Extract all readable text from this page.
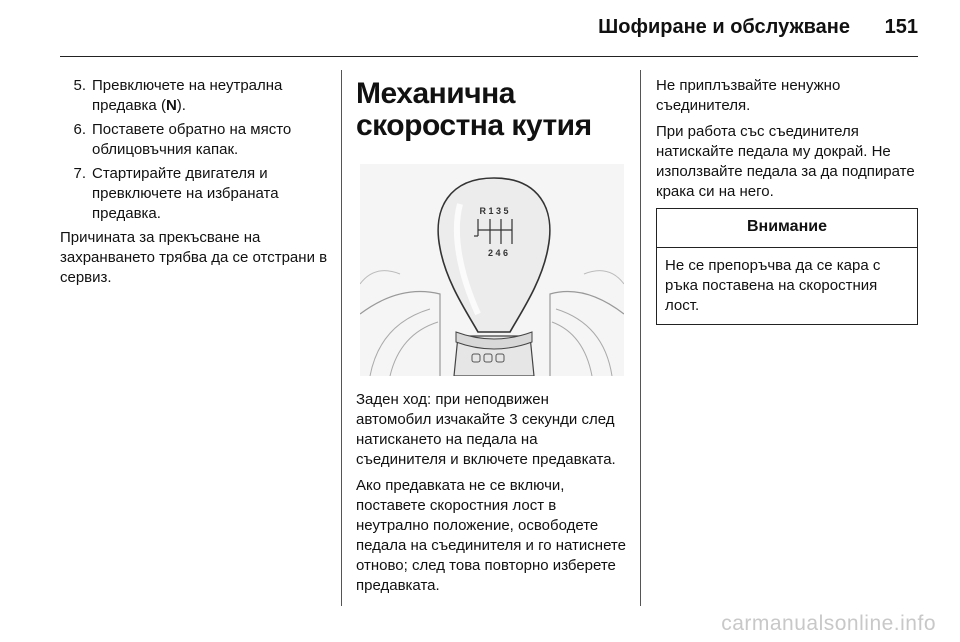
Шофиране и обслужване 151
5. Превключете на неутрална предавка (N).
6. Поставете обратно на място облицовъчния капак.
7. Стартирайте двигателя и превключете на избраната предавка.

Причината за прекъсване на захранването трябва да се отстрани в сервиз.

Механична скоростна кутия
R 1 3 5
2 4 6

Заден ход: при неподвижен автомобил изчакайте 3 секунди след натискането на педала на съединителя и включете предавката.

Ако предавката не се включи, поставете скоростния лост в неутрално положение, освободете педала на съединителя и го натиснете отново; след това повторно изберете предавката.

Не приплъзвайте ненужно съединителя.

При работа със съединителя натискайте педала му докрай. Не използвайте педала за да подпирате крака си на него.

Внимание
Не се препоръчва да се кара с ръка поставена на скоростния лост.
carmanualsonline.info
